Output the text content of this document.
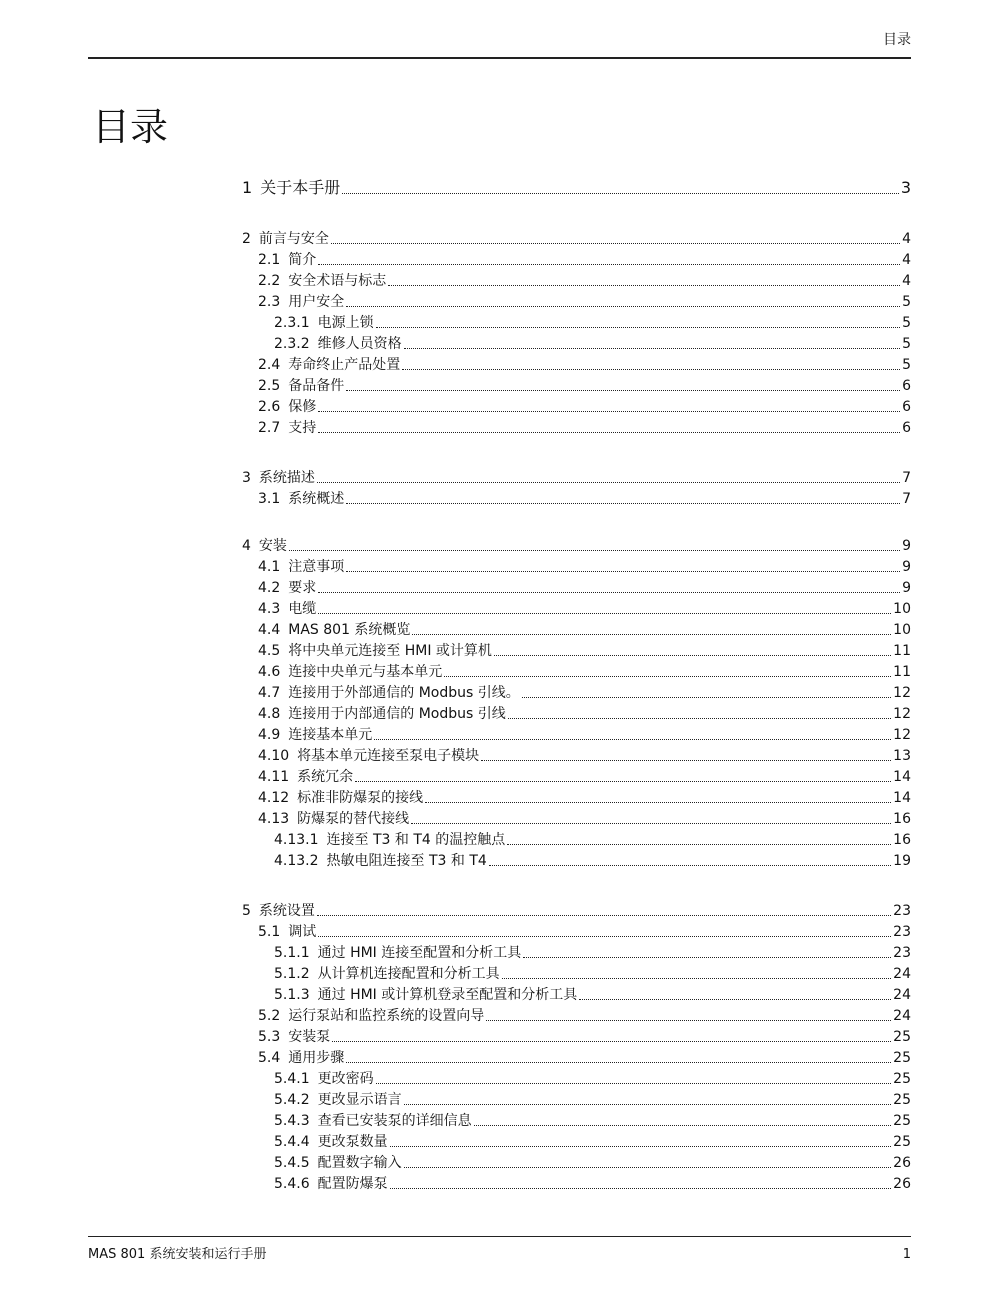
目录
目录
1 关于本手册	3
2 前言与安全	4
2.1 简介	4
2.2 安全术语与标志	4
2.3 用户安全	5
2.3.1 电源上锁	5
2.3.2 维修人员资格	5
2.4 寿命终止产品处置	5
2.5 备品备件	6
2.6 保修	6
2.7 支持	6
3 系统描述	7
3.1 系统概述	7
4 安装	9
4.1 注意事项	9
4.2 要求	9
4.3 电缆	10
4.4 MAS 801 系统概览	10
4.5 将中央单元连接至 HMI 或计算机	11
4.6 连接中央单元与基本单元	11
4.7 连接用于外部通信的 Modbus 引线。	12
4.8 连接用于内部通信的 Modbus 引线	12
4.9 连接基本单元	12
4.10 将基本单元连接至泵电子模块	13
4.11 系统冗余	14
4.12 标准非防爆泵的接线	14
4.13 防爆泵的替代接线	16
4.13.1 连接至 T3 和 T4 的温控触点	16
4.13.2 热敏电阻连接至 T3 和 T4	19
5 系统设置	23
5.1 调试	23
5.1.1 通过 HMI 连接至配置和分析工具	23
5.1.2 从计算机连接配置和分析工具	24
5.1.3 通过 HMI 或计算机登录至配置和分析工具	24
5.2 运行泵站和监控系统的设置向导	24
5.3 安装泵	25
5.4 通用步骤	25
5.4.1 更改密码	25
5.4.2 更改显示语言	25
5.4.3 查看已安装泵的详细信息	25
5.4.4 更改泵数量	25
5.4.5 配置数字输入	26
5.4.6 配置防爆泵	26
MAS 801 系统安装和运行手册	1
